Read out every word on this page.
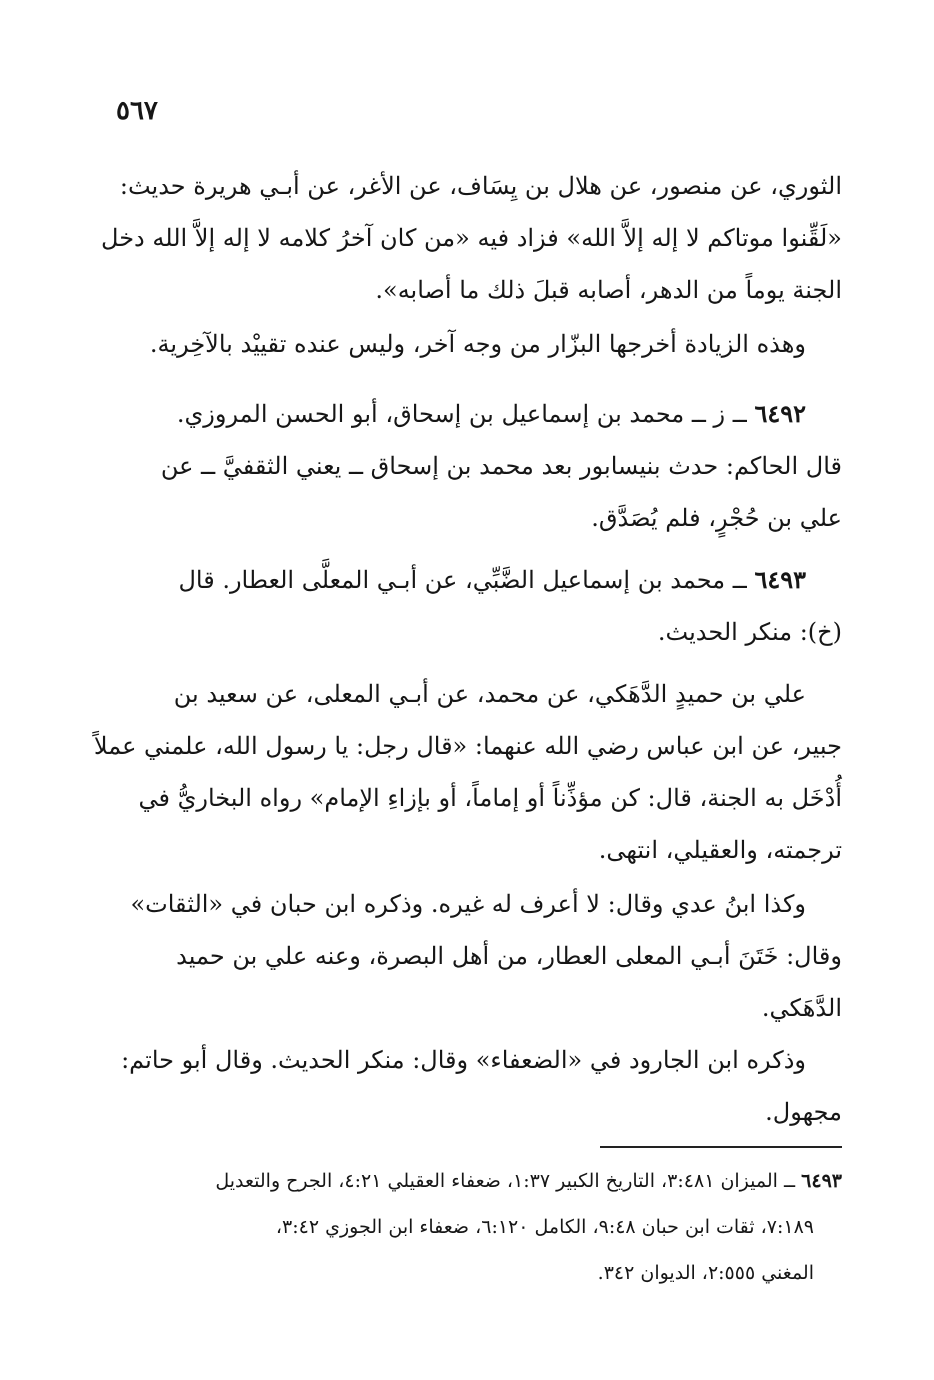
٥٦٧
الثوري، عن منصور، عن هلال بن يِسَاف، عن الأغر، عن أبـي هريرة حديث:
«لَقِّنوا موتاكم لا إله إلاَّ الله» فزاد فيه «من كان آخرُ كلامه لا إله إلاَّ الله دخل
الجنة يوماً من الدهر، أصابه قبلَ ذلك ما أصابه».
وهذه الزيادة أخرجها البزّار من وجه آخر، وليس عنده تقييْد بالآخِرية.
٦٤٩٢ ــ ز ــ محمد بن إسماعيل بن إسحاق، أبو الحسن المروزي.
قال الحاكم: حدث بنيسابور بعد محمد بن إسحاق ــ يعني الثقفيَّ ــ عن
علي بن حُجْرٍ، فلم يُصَدَّق.
٦٤٩٣ ــ محمد بن إسماعيل الضَّبِّي، عن أبـي المعلَّى العطار. قال
(خ): منكر الحديث.
علي بن حميدٍ الدَّهَكي، عن محمد، عن أبـي المعلى، عن سعيد بن
جبير، عن ابن عباس رضي الله عنهما: «قال رجل: يا رسول الله، علمني عملاً
أُدْخَل به الجنة، قال: كن مؤذِّناً أو إماماً، أو بإزاءِ الإمام» رواه البخاريُّ في
ترجمته، والعقيلي، انتهى.
وكذا ابنُ عدي وقال: لا أعرف له غيره. وذكره ابن حبان في «الثقات»
وقال: خَتَنَ أبـي المعلى العطار، من أهل البصرة، وعنه علي بن حميد
الدَّهَكي.
وذكره ابن الجارود في «الضعفاء» وقال: منكر الحديث. وقال أبو حاتم:
مجهول.
٦٤٩٣ ــ الميزان ٣:٤٨١، التاريخ الكبير ١:٣٧، ضعفاء العقيلي ٤:٢١، الجرح والتعديل
٧:١٨٩، ثقات ابن حبان ٩:٤٨، الكامل ٦:١٢٠، ضعفاء ابن الجوزي ٣:٤٢،
المغني ٢:٥٥٥، الديوان ٣٤٢.
